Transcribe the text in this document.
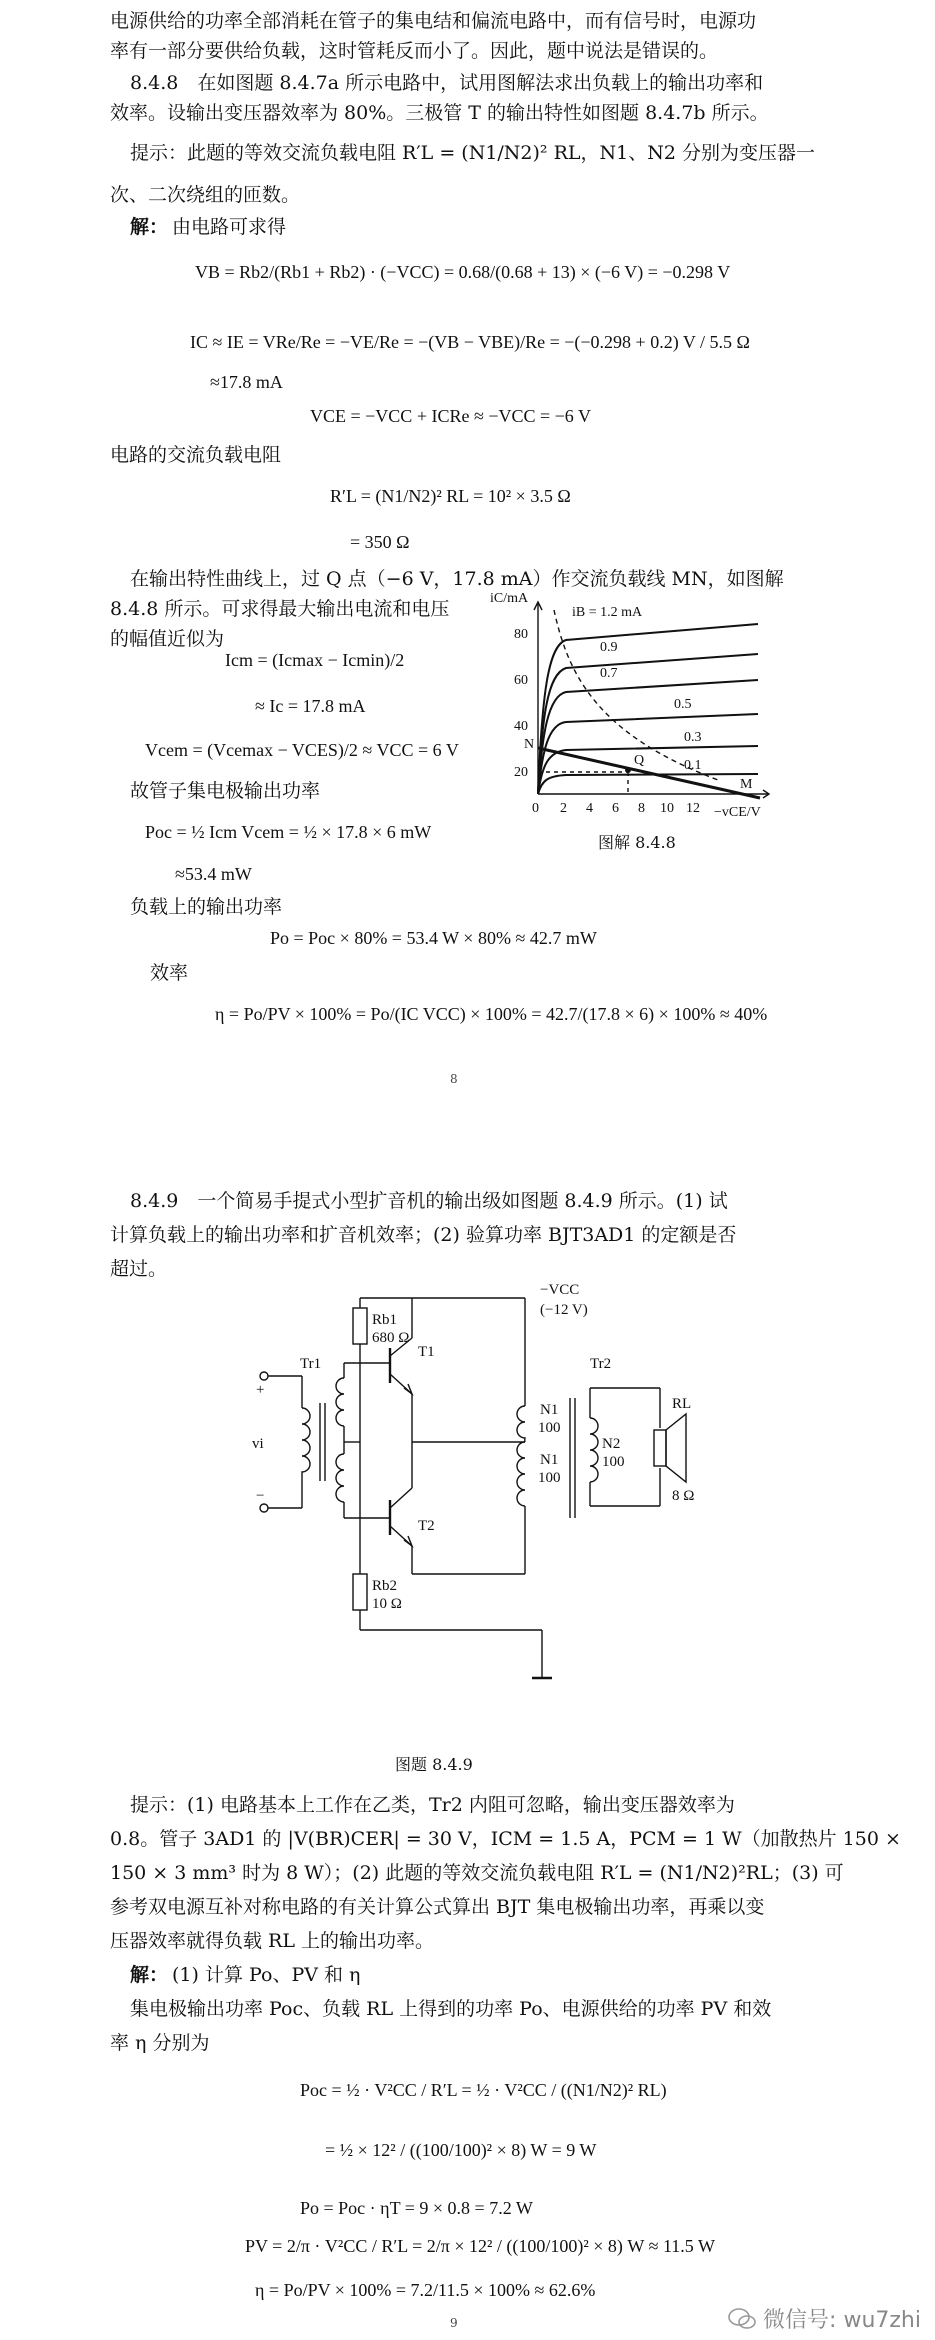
电源供给的功率全部消耗在管子的集电结和偏流电路中，而有信号时，电源功
率有一部分要供给负载，这时管耗反而小了。因此，题中说法是错误的。
8.4.8　在如图题 8.4.7a 所示电路中，试用图解法求出负载上的输出功率和
效率。设输出变压器效率为 80%。三极管 T 的输出特性如图题 8.4.7b 所示。
提示：此题的等效交流负载电阻 R′L = (N1/N2)² RL，N1、N2 分别为变压器一
次、二次绕组的匝数。
解： 由电路可求得
VB = Rb2/(Rb1 + Rb2) · (−VCC) = 0.68/(0.68 + 13) × (−6 V) = −0.298 V
IC ≈ IE = VRe/Re = −VE/Re = −(VB − VBE)/Re = −(−0.298 + 0.2) V / 5.5 Ω
≈17.8 mA
VCE = −VCC + ICRe ≈ −VCC = −6 V
电路的交流负载电阻
R′L = (N1/N2)² RL = 10² × 3.5 Ω
= 350 Ω
在输出特性曲线上，过 Q 点（−6 V，17.8 mA）作交流负载线 MN，如图解
8.4.8 所示。可求得最大输出电流和电压
的幅值近似为
Icm = (Icmax − Icmin)/2
≈ Ic = 17.8 mA
Vcem = (Vcemax − VCES)/2 ≈ VCC = 6 V
故管子集电极输出功率
Poc = ½ Icm Vcem = ½ × 17.8 × 6 mW
≈53.4 mW
负载上的输出功率
Po = Poc × 80% = 53.4 W × 80% ≈ 42.7 mW
效率
η = Po/PV × 100% = Po/(IC VCC) × 100% = 42.7/(17.8 × 6) × 100% ≈ 40%
iC/mA
−vCE/V
iB = 1.2 mA
0.9
0.7
0.5
0.3
0.1
N
Q
M
0
20
40
60
80
2 4 6 8 10 12
图解 8.4.8
8
8.4.9　一个简易手提式小型扩音机的输出级如图题 8.4.9 所示。(1) 试
计算负载上的输出功率和扩音机效率；(2) 验算功率 BJT3AD1 的定额是否
超过。
−VCC
(−12 V)
Rb1
680 Ω
Rb2
10 Ω
Tr1	Tr2
T1
T2
N1
100
N1
100
N2
100
RL
8 Ω
vi
+
−
图题 8.4.9
提示：(1) 电路基本上工作在乙类，Tr2 内阻可忽略，输出变压器效率为
0.8。管子 3AD1 的 |V(BR)CER| = 30 V，ICM = 1.5 A，PCM = 1 W（加散热片 150 ×
150 × 3 mm³ 时为 8 W）；(2) 此题的等效交流负载电阻 R′L = (N1/N2)²RL；(3) 可
参考双电源互补对称电路的有关计算公式算出 BJT 集电极输出功率，再乘以变
压器效率就得负载 RL 上的输出功率。
解： (1) 计算 Po、PV 和 η
集电极输出功率 Poc、负载 RL 上得到的功率 Po、电源供给的功率 PV 和效
率 η 分别为
Poc = ½ · V²CC / R′L = ½ · V²CC / ((N1/N2)² RL)
= ½ × 12² / ((100/100)² × 8) W = 9 W
Po = Poc · ηT = 9 × 0.8 = 7.2 W
PV = 2/π · V²CC / R′L = 2/π × 12² / ((100/100)² × 8) W ≈ 11.5 W
η = Po/PV × 100% = 7.2/11.5 × 100% ≈ 62.6%
9	微信号: wu7zhi
